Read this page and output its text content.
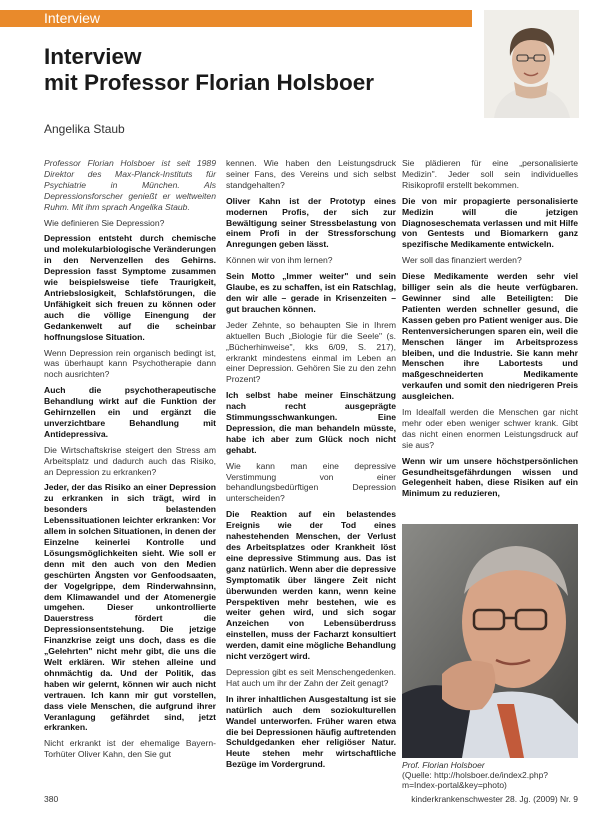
Interview
Interview
mit Professor Florian Holsboer
Angelika Staub

Professor Florian Holsboer ist seit 1989 Direktor des Max-Planck-Instituts für Psychiatrie in München. Als Depressionsforscher genießt er weltweiten Ruhm. Mit ihm sprach Angelika Staub.

Wie definieren Sie Depression?

Depression entsteht durch chemische und molekularbiologische Veränderungen in den Nervenzellen des Gehirns. Depression fasst Symptome zusammen wie beispielsweise tiefe Traurigkeit, Antriebslosigkeit, Schlafstörungen, die Unfähigkeit sich freuen zu können oder auch die völlige Einengung der Gedankenwelt auf die scheinbar hoffnungslose Situation.

Wenn Depression rein organisch bedingt ist, was überhaupt kann Psychotherapie dann noch ausrichten?

Auch die psychotherapeutische Behandlung wirkt auf die Funktion der Gehirnzellen ein und ergänzt die unverzichtbare Behandlung mit Antidepressiva.

Die Wirtschaftskrise steigert den Stress am Arbeitsplatz und dadurch auch das Risiko, an Depression zu erkranken?

Jeder, der das Risiko an einer Depression zu erkranken in sich trägt, wird in besonders belastenden Lebenssituationen leichter erkranken: Vor allem in solchen Situationen, in denen der Einzelne keinerlei Kontrolle und Lösungsmöglichkeiten sieht. Wie soll er denn mit den auch von den Medien geschürten Ängsten vor Genfoodsaaten, der Vogelgrippe, dem Rinderwahnsinn, dem Klimawandel und der Atomenergie umgehen. Dieser unkontrollierte Dauerstress fördert die Depressionsentstehung. Die jetzige Finanzkrise zeigt uns doch, dass es die „Gelehrten" nicht mehr gibt, die uns die Welt erklären. Wir stehen alleine und ohnmächtig da. Und der Politik, das haben wir gelernt, können wir auch nicht vertrauen. Ich kann mir gut vorstellen, dass viele Menschen, die aufgrund ihrer Veranlagung gefährdet sind, jetzt erkranken.

Nicht erkrankt ist der ehemalige Bayern-Torhüter Oliver Kahn, den Sie gut

kennen. Wie haben den Leistungsdruck seiner Fans, des Vereins und sich selbst standgehalten?

Oliver Kahn ist der Prototyp eines modernen Profis, der sich zur Bewältigung seiner Stressbelastung von einem Profi in der Stressforschung Anregungen geben lässt.

Können wir von ihm lernen?

Sein Motto „Immer weiter" und sein Glaube, es zu schaffen, ist ein Ratschlag, den wir alle – gerade in Krisenzeiten – gut brauchen können.

Jeder Zehnte, so behaupten Sie in Ihrem aktuellen Buch „Biologie für die Seele" (s. „Bücherhinweise", kks 6/09, S. 217), erkrankt mindestens einmal im Leben an einer Depression. Gehören Sie zu den zehn Prozent?

Ich selbst habe meiner Einschätzung nach recht ausgeprägte Stimmungsschwankungen. Eine Depression, die man behandeln müsste, habe ich aber zum Glück noch nicht gehabt.

Wie kann man eine depressive Verstimmung von einer behandlungsbedürftigen Depression unterscheiden?

Die Reaktion auf ein belastendes Ereignis wie der Tod eines nahestehenden Menschen, der Verlust des Arbeitsplatzes oder Krankheit löst eine depressive Stimmung aus. Das ist ganz natürlich. Wenn aber die depressive Symptomatik über längere Zeit nicht überwunden werden kann, wenn keine Perspektiven mehr bestehen, wie es weiter gehen wird, und sich sogar Anzeichen von Lebensüberdruss einstellen, muss der Facharzt konsultiert werden, damit eine mögliche Behandlung nicht verzögert wird.

Depression gibt es seit Menschengedenken. Hat auch um ihr der Zahn der Zeit genagt?

In ihrer inhaltlichen Ausgestaltung ist sie natürlich auch dem soziokulturellen Wandel unterworfen. Früher waren etwa die bei Depressionen häufig auftretenden Schuldgedanken eher religiöser Natur. Heute stehen mehr wirtschaftliche Bezüge im Vordergrund.

Sie plädieren für eine „personalisierte Medizin". Jeder soll sein individuelles Risikoprofil erstellt bekommen.

Die von mir propagierte personalisierte Medizin will die jetzigen Diagnoseschemata verlassen und mit Hilfe von Gentests und Biomarkern ganz spezifische Medikamente entwickeln.

Wer soll das finanziert werden?

Diese Medikamente werden sehr viel billiger sein als die heute verfügbaren. Gewinner sind alle Beteiligten: Die Patienten werden schneller gesund, die Kassen geben pro Patient weniger aus. Die Rentenversicherungen sparen ein, weil die Menschen länger im Arbeitsprozess bleiben, und die Industrie. Sie kann mehr Menschen ihre Labortests und maßgeschneiderten Medikamente verkaufen und somit den niedrigeren Preis ausgleichen.

Im Idealfall werden die Menschen gar nicht mehr oder eben weniger schwer krank. Gibt das nicht einen enormen Leistungsdruck auf sie aus?

Wenn wir um unsere höchstpersönlichen Gesundheitsgefährdungen wissen und Gelegenheit haben, diese Risiken auf ein Minimum zu reduzieren,

Prof. Florian Holsboer
(Quelle: http://holsboer.de/index2.php?m=Index-portal&key=photo)
380	kinderkrankenschwester 28. Jg. (2009) Nr. 9
